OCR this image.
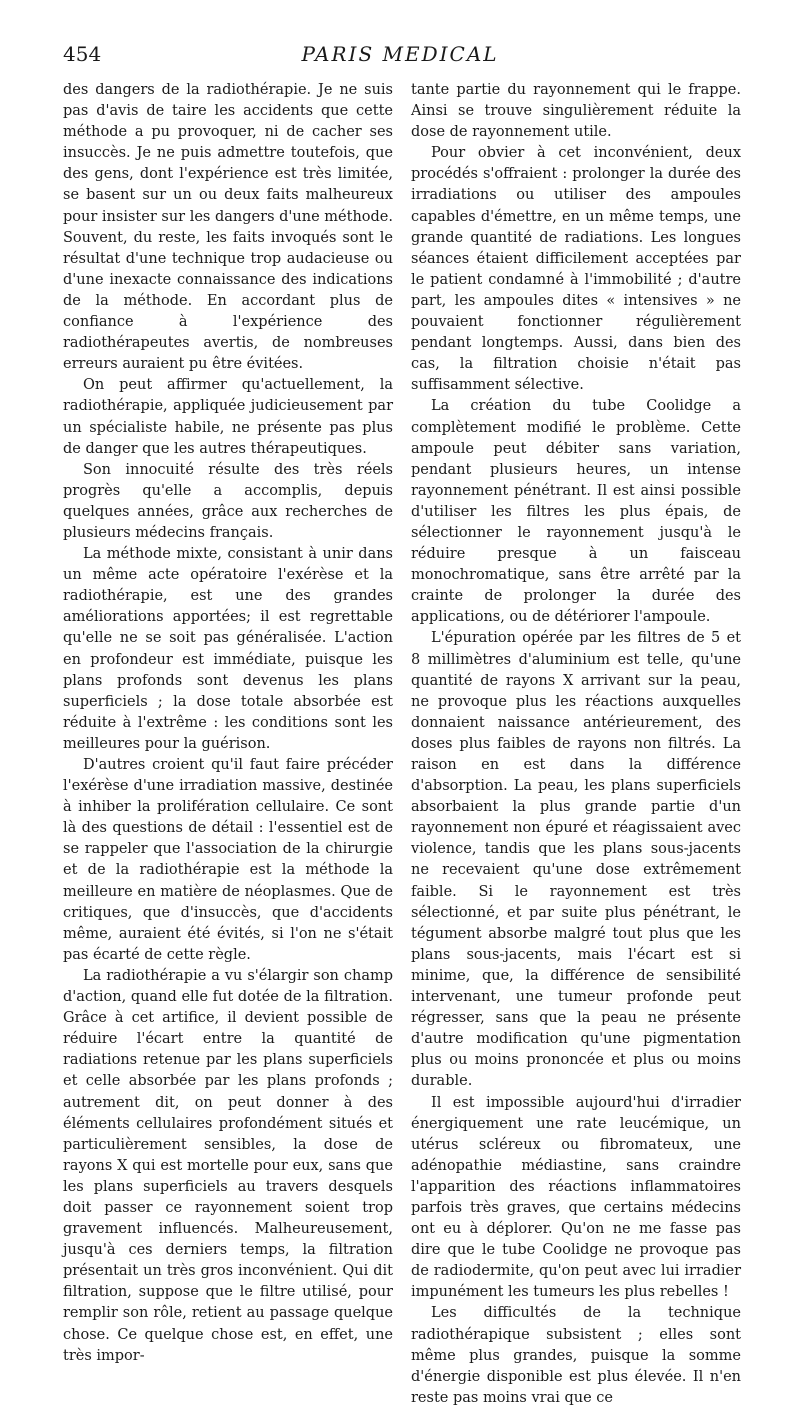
454	PARIS MEDICAL

des dangers de la radiothérapie. Je ne suis pas d'avis de taire les accidents que cette méthode a pu provoquer, ni de cacher ses insuccès. Je ne puis admettre toutefois, que des gens, dont l'expérience est très limitée, se basent sur un ou deux faits malheureux pour insister sur les dangers d'une méthode. Souvent, du reste, les faits invoqués sont le résultat d'une technique trop audacieuse ou d'une inexacte connaissance des indications de la méthode. En accordant plus de confiance à l'expérience des radiothérapeutes avertis, de nombreuses erreurs auraient pu être évitées.

On peut affirmer qu'actuellement, la radiothérapie, appliquée judicieusement par un spécialiste habile, ne présente pas plus de danger que les autres thérapeutiques.

Son innocuité résulte des très réels progrès qu'elle a accomplis, depuis quelques années, grâce aux recherches de plusieurs médecins français.

La méthode mixte, consistant à unir dans un même acte opératoire l'exérèse et la radiothérapie, est une des grandes améliorations apportées; il est regrettable qu'elle ne se soit pas généralisée. L'action en profondeur est immédiate, puisque les plans profonds sont devenus les plans superficiels ; la dose totale absorbée est réduite à l'extrême : les conditions sont les meilleures pour la guérison.

D'autres croient qu'il faut faire précéder l'exérèse d'une irradiation massive, destinée à inhiber la prolifération cellulaire. Ce sont là des questions de détail : l'essentiel est de se rappeler que l'association de la chirurgie et de la radiothérapie est la méthode la meilleure en matière de néoplasmes. Que de critiques, que d'insuccès, que d'accidents même, auraient été évités, si l'on ne s'était pas écarté de cette règle.

La radiothérapie a vu s'élargir son champ d'action, quand elle fut dotée de la filtration. Grâce à cet artifice, il devient possible de réduire l'écart entre la quantité de radiations retenue par les plans superficiels et celle absorbée par les plans profonds ; autrement dit, on peut donner à des éléments cellulaires profondément situés et particulièrement sensibles, la dose de rayons X qui est mortelle pour eux, sans que les plans superficiels au travers desquels doit passer ce rayonnement soient trop gravement influencés. Malheureusement, jusqu'à ces derniers temps, la filtration présentait un très gros inconvénient. Qui dit filtration, suppose que le filtre utilisé, pour remplir son rôle, retient au passage quelque chose. Ce quelque chose est, en effet, une très impor-

tante partie du rayonnement qui le frappe. Ainsi se trouve singulièrement réduite la dose de rayonnement utile.

Pour obvier à cet inconvénient, deux procédés s'offraient : prolonger la durée des irradiations ou utiliser des ampoules capables d'émettre, en un même temps, une grande quantité de radiations. Les longues séances étaient difficilement acceptées par le patient condamné à l'immobilité ; d'autre part, les ampoules dites « intensives » ne pouvaient fonctionner régulièrement pendant longtemps. Aussi, dans bien des cas, la filtration choisie n'était pas suffisamment sélective.

La création du tube Coolidge a complètement modifié le problème. Cette ampoule peut débiter sans variation, pendant plusieurs heures, un intense rayonnement pénétrant. Il est ainsi possible d'utiliser les filtres les plus épais, de sélectionner le rayonnement jusqu'à le réduire presque à un faisceau monochromatique, sans être arrêté par la crainte de prolonger la durée des applications, ou de détériorer l'ampoule.

L'épuration opérée par les filtres de 5 et 8 millimètres d'aluminium est telle, qu'une quantité de rayons X arrivant sur la peau, ne provoque plus les réactions auxquelles donnaient naissance antérieurement, des doses plus faibles de rayons non filtrés. La raison en est dans la différence d'absorption. La peau, les plans superficiels absorbaient la plus grande partie d'un rayonnement non épuré et réagissaient avec violence, tandis que les plans sous-jacents ne recevaient qu'une dose extrêmement faible. Si le rayonnement est très sélectionné, et par suite plus pénétrant, le tégument absorbe malgré tout plus que les plans sous-jacents, mais l'écart est si minime, que, la différence de sensibilité intervenant, une tumeur profonde peut régresser, sans que la peau ne présente d'autre modification qu'une pigmentation plus ou moins prononcée et plus ou moins durable.

Il est impossible aujourd'hui d'irradier énergiquement une rate leucémique, un utérus scléreux ou fibromateux, une adénopathie médiastine, sans craindre l'apparition des réactions inflammatoires parfois très graves, que certains médecins ont eu à déplorer. Qu'on ne me fasse pas dire que le tube Coolidge ne provoque pas de radiodermite, qu'on peut avec lui irradier impunément les tumeurs les plus rebelles !

Les difficultés de la technique radiothérapique subsistent ; elles sont même plus grandes, puisque la somme d'énergie disponible est plus élevée. Il n'en reste pas moins vrai que ce
